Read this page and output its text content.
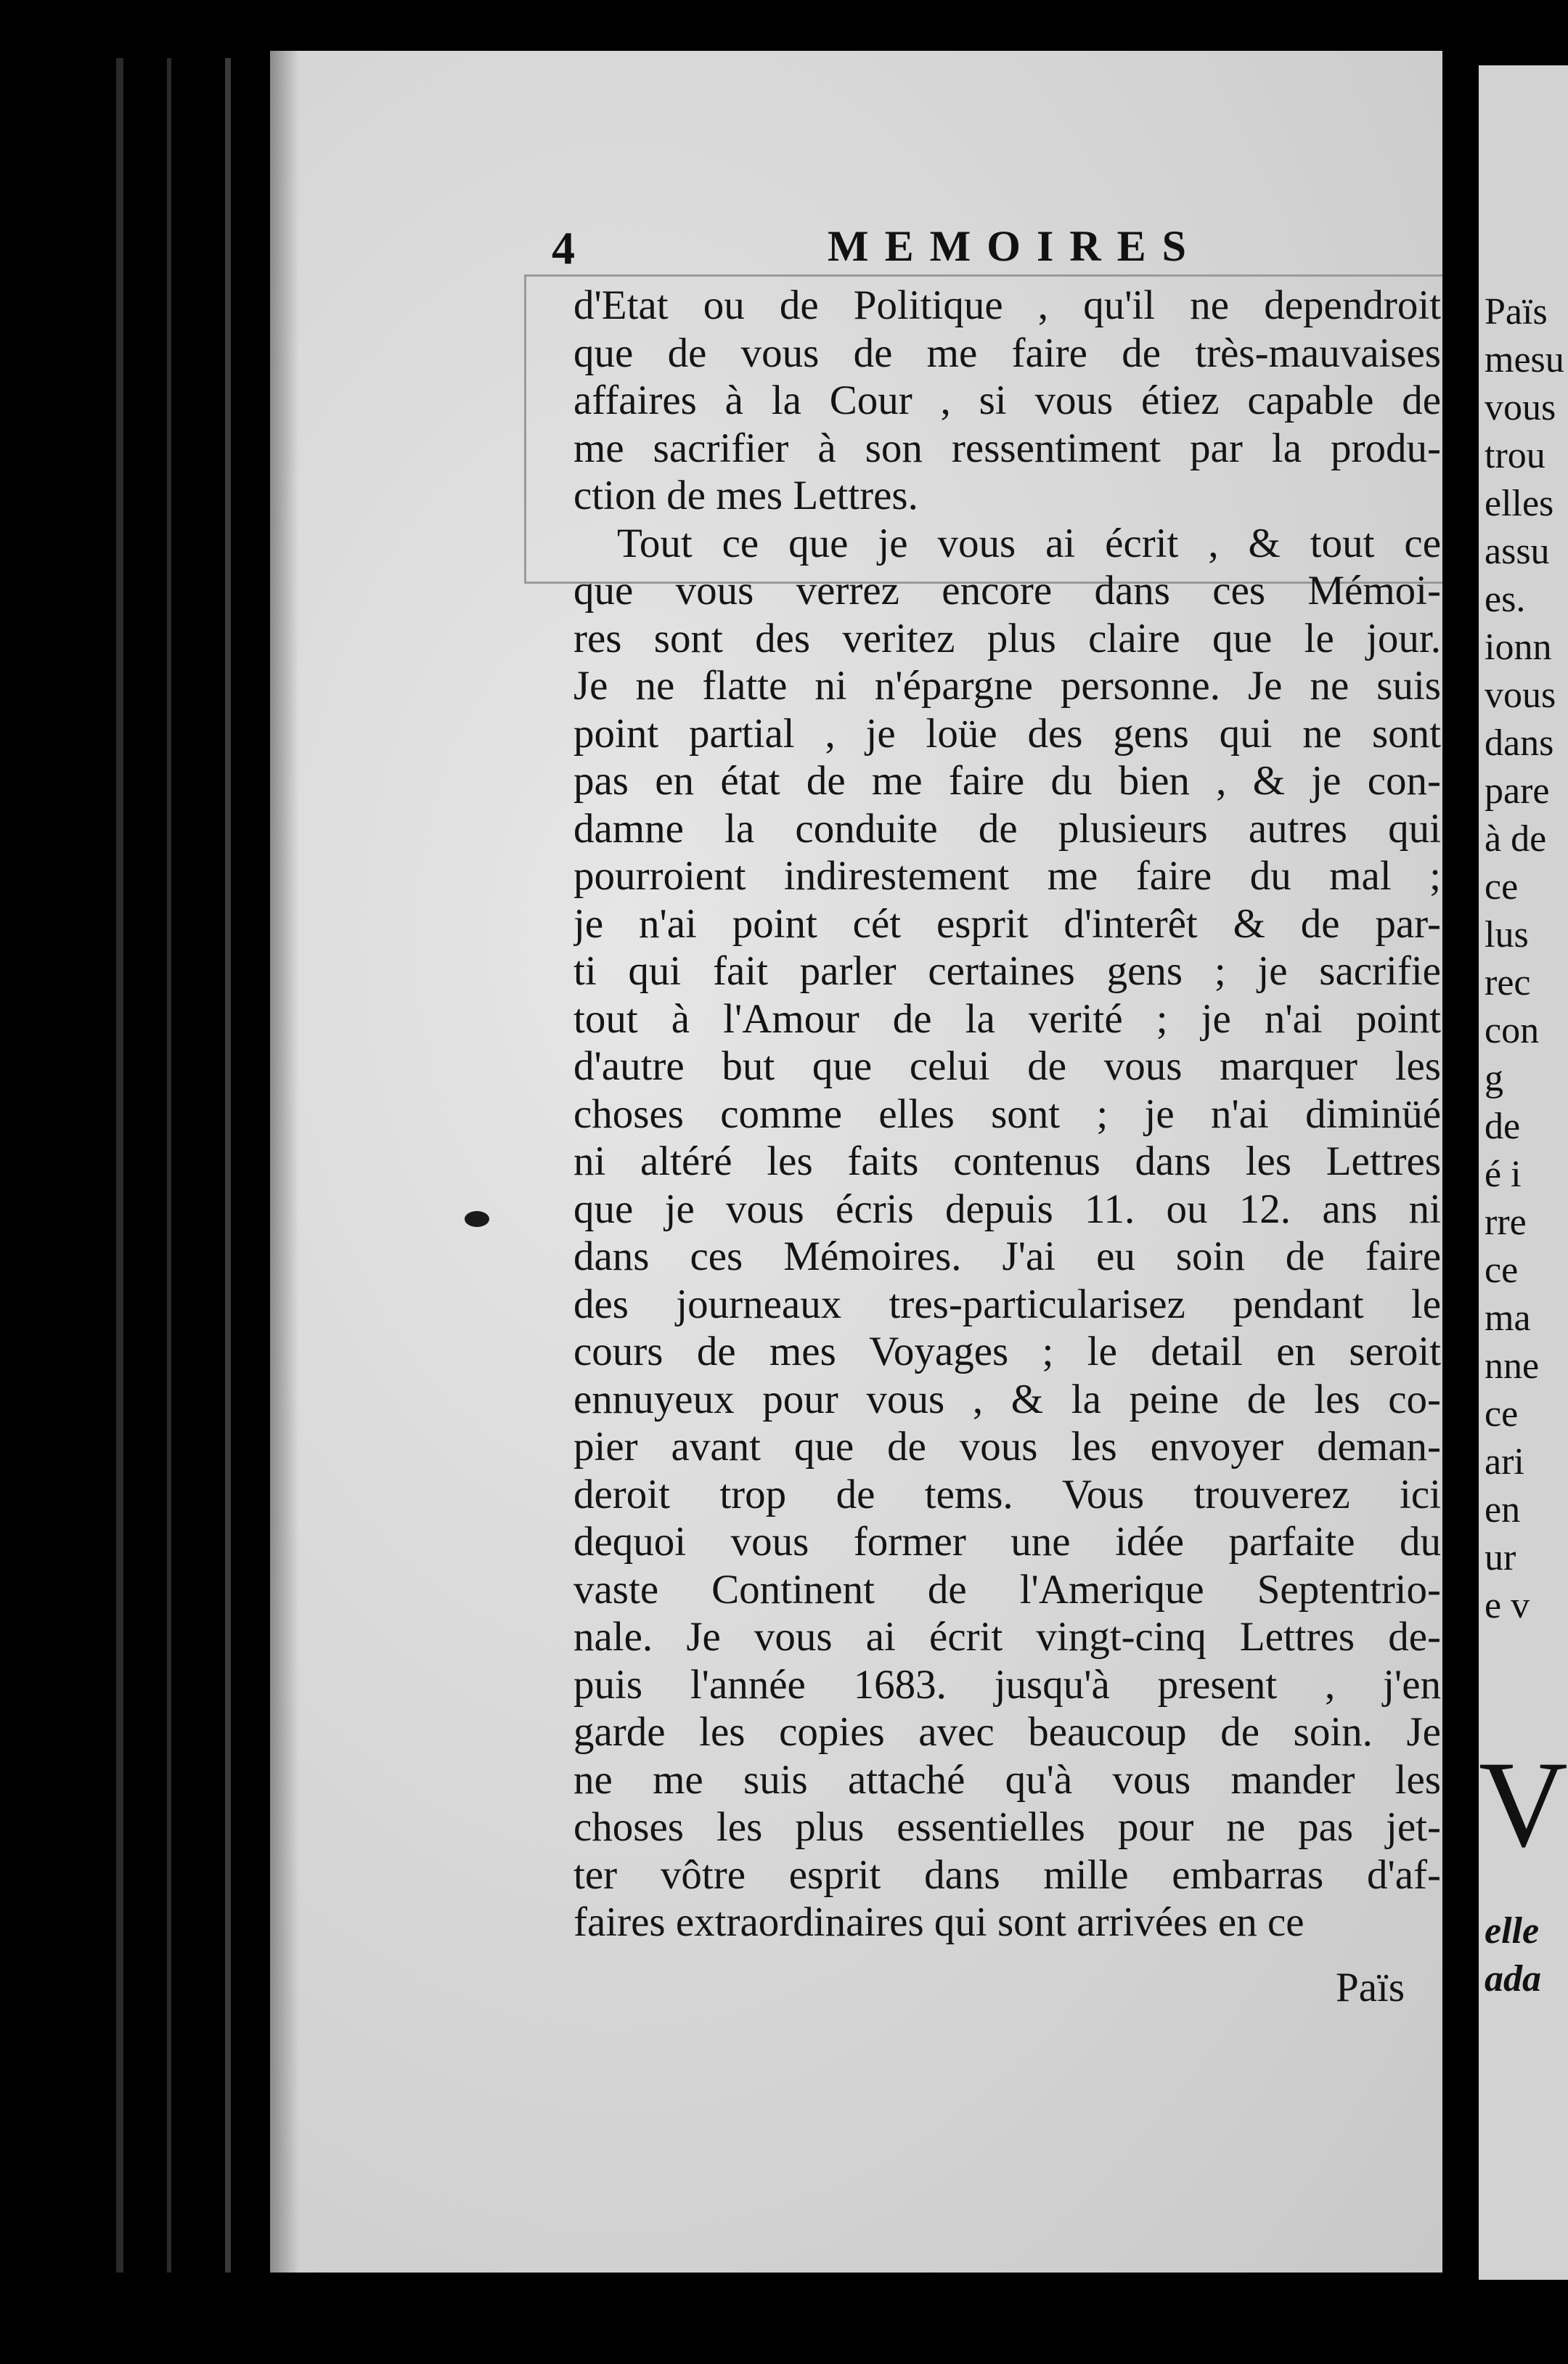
4	MEMOIRES
d'Etat ou de Politique , qu'il ne dependroit
que de vous de me faire de très-mauvaises
affaires à la Cour , si vous étiez capable de
me sacrifier à son ressentiment par la produ-
ction de mes Lettres.
Tout ce que je vous ai écrit , & tout ce
que vous verrez encore dans ces Mémoi-
res sont des veritez plus claire que le jour.
Je ne flatte ni n'épargne personne. Je ne suis
point partial , je loüe des gens qui ne sont
pas en état de me faire du bien , & je con-
damne la conduite de plusieurs autres qui
pourroient indirestement me faire du mal ;
je n'ai point cét esprit d'interêt & de par-
ti qui fait parler certaines gens ; je sacrifie
tout à l'Amour de la verité ; je n'ai point
d'autre but que celui de vous marquer les
choses comme elles sont ; je n'ai diminüé
ni altéré les faits contenus dans les Lettres
que je vous écris depuis 11. ou 12. ans ni
dans ces Mémoires. J'ai eu soin de faire
des journeaux tres-particularisez pendant le
cours de mes Voyages ; le detail en seroit
ennuyeux pour vous , & la peine de les co-
pier avant que de vous les envoyer deman-
deroit trop de tems. Vous trouverez ici
dequoi vous former une idée parfaite du
vaste Continent de l'Amerique Septentrio-
nale. Je vous ai écrit vingt-cinq Lettres de-
puis l'année 1683. jusqu'à present , j'en
garde les copies avec beaucoup de soin. Je
ne me suis attaché qu'à vous mander les
choses les plus essentielles pour ne pas jet-
ter vôtre esprit dans mille embarras d'af-
faires extraordinaires qui sont arrivées en ce
Païs
Païs
mesu
vous
trou
elles
assu
es.
ionn
vous
dans
pare
à de
ce
lus
rec
con
g
de
é i
rre
ce
ma
nne
ce
ari
en
ur
e v
V
elle
ada
